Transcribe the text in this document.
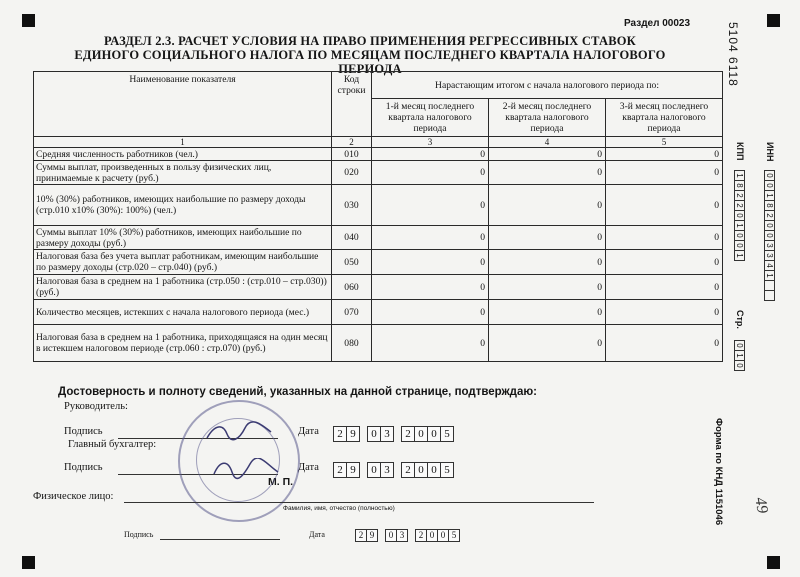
Раздел 00023
РАЗДЕЛ 2.3. РАСЧЕТ УСЛОВИЯ НА ПРАВО ПРИМЕНЕНИЯ РЕГРЕССИВНЫХ СТАВОК
ЕДИНОГО СОЦИАЛЬНОГО НАЛОГА ПО МЕСЯЦАМ ПОСЛЕДНЕГО КВАРТАЛА НАЛОГОВОГО ПЕРИОДА
Наименование показателя	Код строки	Нарастающим итогом с начала налогового периода по:		
		1-й месяц последнего квартала налогового периода	2-й месяц последнего квартала налогового периода	3-й месяц последнего квартала налогового периода
1	2	3	4	5
Средняя численность работников (чел.)	010	0	0	0
Суммы выплат, произведенных в пользу физических лиц, принимаемые к расчету (руб.)	020	0	0	0
10% (30%) работников, имеющих наибольшие по размеру доходы (стр.010 х10% (30%): 100%) (чел.)	030	0	0	0
Суммы выплат 10% (30%) работников, имеющих наибольшие по размеру доходы (руб.)	040	0	0	0
Налоговая база без учета выплат работникам, имеющим наибольшие по размеру доходы (стр.020 – стр.040) (руб.)	050	0	0	0
Налоговая база в среднем на 1 работника (стр.050 : (стр.010 – стр.030)) (руб.)	060	0	0	0
Количество месяцев, истекших с начала налогового периода (мес.)	070	0	0	0
Налоговая база в среднем на 1 работника, приходящаяся на один месяц в истекшем налоговом периоде (стр.060 : стр.070) (руб.)	080	0	0	0
5104 6118
ИНН
0
0
1
8
2
0
0
3
3
4
1
КПП
1
8
2
2
0
1
0
0
1
Стр.
0
1
0
Форма по КНД 1151046 49
Достоверность и полноту сведений, указанных на данной странице, подтверждаю:
Руководитель:
Подпись	Дата	2 9	0 3	2 0 0 5
Главный бухгалтер:
Подпись	Дата	2 9	0 3	2 0 0 5
М. П.
Физическое лицо:
Фамилия, имя, отчество (полностью)
Подпись	Дата	2 9	0 3	2 0 0 5
